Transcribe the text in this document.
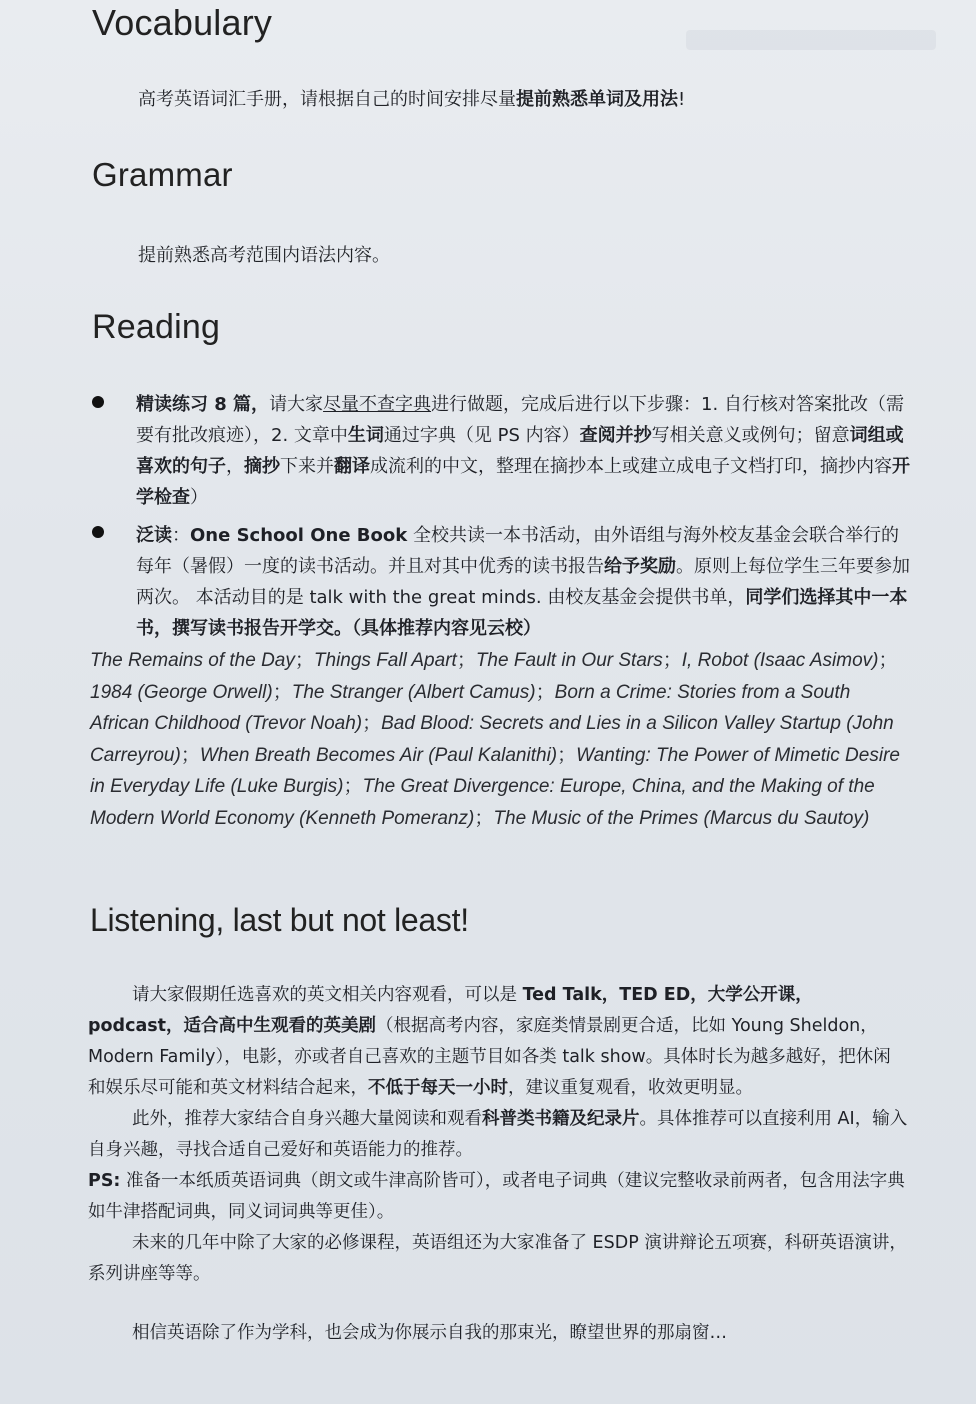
Vocabulary
高考英语词汇手册，请根据自己的时间安排尽量提前熟悉单词及用法!
Grammar
提前熟悉高考范围内语法内容。
Reading
精读练习 8 篇，请大家尽量不查字典进行做题，完成后进行以下步骤：1. 自行核对答案批改（需要有批改痕迹），2. 文章中生词通过字典（见 PS 内容）查阅并抄写相关意义或例句；留意词组或喜欢的句子，摘抄下来并翻译成流利的中文，整理在摘抄本上或建立成电子文档打印，摘抄内容开学检查）
泛读：One School One Book 全校共读一本书活动，由外语组与海外校友基金会联合举行的每年（暑假）一度的读书活动。并且对其中优秀的读书报告给予奖励。原则上每位学生三年要参加两次。 本活动目的是 talk with the great minds. 由校友基金会提供书单，同学们选择其中一本书，撰写读书报告开学交。（具体推荐内容见云校）
The Remains of the Day；Things Fall Apart；The Fault in Our Stars；I, Robot (Isaac Asimov)；1984 (George Orwell)；The Stranger (Albert Camus)；Born a Crime: Stories from a South African Childhood (Trevor Noah)；Bad Blood: Secrets and Lies in a Silicon Valley Startup (John Carreyrou)；When Breath Becomes Air (Paul Kalanithi)；Wanting: The Power of Mimetic Desire in Everyday Life (Luke Burgis)；The Great Divergence: Europe, China, and the Making of the Modern World Economy (Kenneth Pomeranz)；The Music of the Primes (Marcus du Sautoy)
Listening, last but not least!

请大家假期任选喜欢的英文相关内容观看，可以是 Ted Talk，TED ED，大学公开课，podcast，适合高中生观看的英美剧（根据高考内容，家庭类情景剧更合适，比如 Young Sheldon，Modern Family），电影，亦或者自己喜欢的主题节目如各类 talk show。具体时长为越多越好，把休闲和娱乐尽可能和英文材料结合起来，不低于每天一小时，建议重复观看，收效更明显。

此外，推荐大家结合自身兴趣大量阅读和观看科普类书籍及纪录片。具体推荐可以直接利用 AI，输入自身兴趣，寻找合适自己爱好和英语能力的推荐。

PS: 准备一本纸质英语词典（朗文或牛津高阶皆可），或者电子词典（建议完整收录前两者，包含用法字典如牛津搭配词典，同义词词典等更佳）。

未来的几年中除了大家的必修课程，英语组还为大家准备了 ESDP 演讲辩论五项赛，科研英语演讲，系列讲座等等。

相信英语除了作为学科，也会成为你展示自我的那束光，瞭望世界的那扇窗…
